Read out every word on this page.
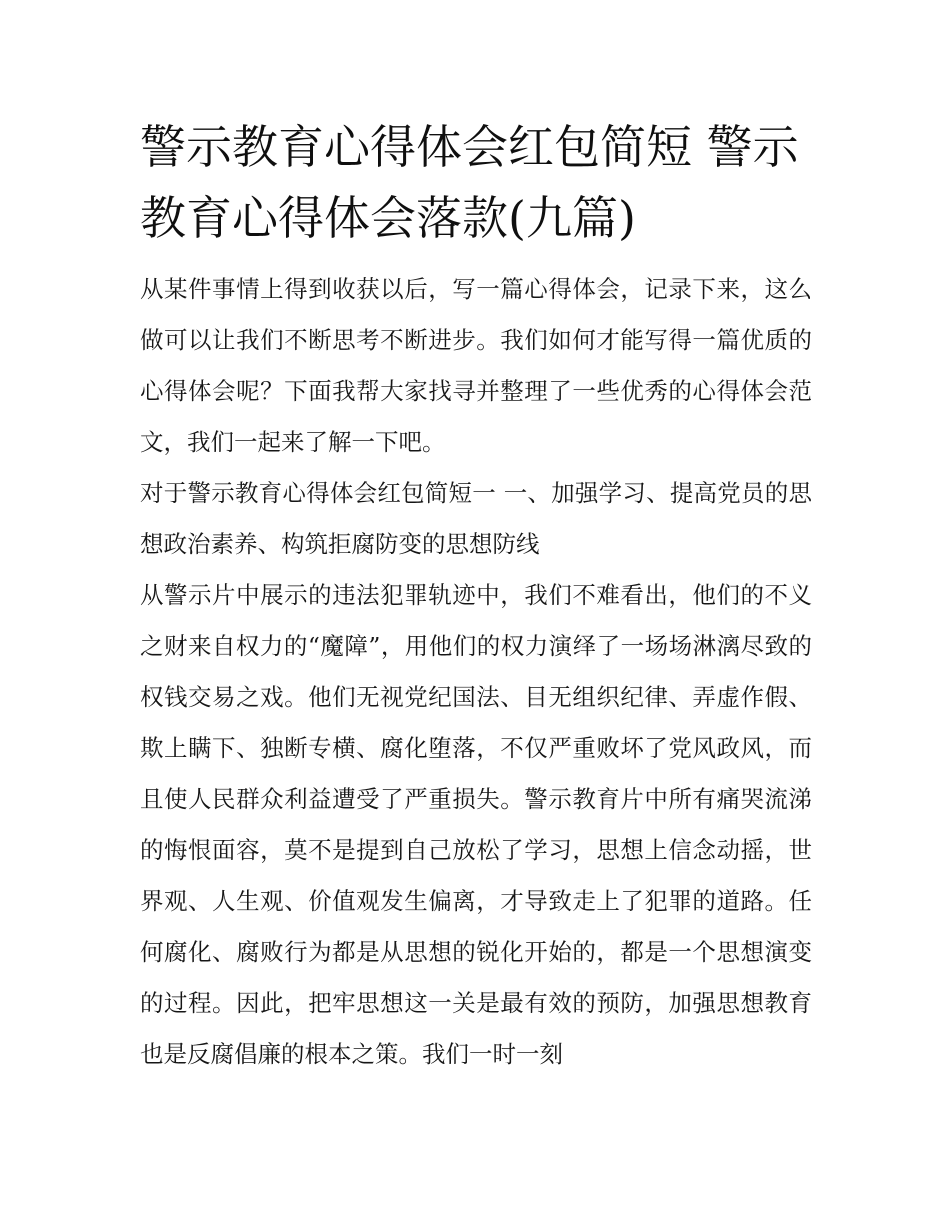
警示教育心得体会红包简短 警示教育心得体会落款(九篇)

从某件事情上得到收获以后，写一篇心得体会，记录下来，这么做可以让我们不断思考不断进步。我们如何才能写得一篇优质的心得体会呢？下面我帮大家找寻并整理了一些优秀的心得体会范文，我们一起来了解一下吧。

对于警示教育心得体会红包简短一 一、加强学习、提高党员的思想政治素养、构筑拒腐防变的思想防线

从警示片中展示的违法犯罪轨迹中，我们不难看出，他们的不义之财来自权力的“魔障”，用他们的权力演绎了一场场淋漓尽致的权钱交易之戏。他们无视党纪国法、目无组织纪律、弄虚作假、欺上瞒下、独断专横、腐化堕落，不仅严重败坏了党风政风，而且使人民群众利益遭受了严重损失。警示教育片中所有痛哭流涕的悔恨面容，莫不是提到自己放松了学习，思想上信念动摇，世界观、人生观、价值观发生偏离，才导致走上了犯罪的道路。任何腐化、腐败行为都是从思想的锐化开始的，都是一个思想演变的过程。因此，把牢思想这一关是最有效的预防，加强思想教育也是反腐倡廉的根本之策。我们一时一刻
